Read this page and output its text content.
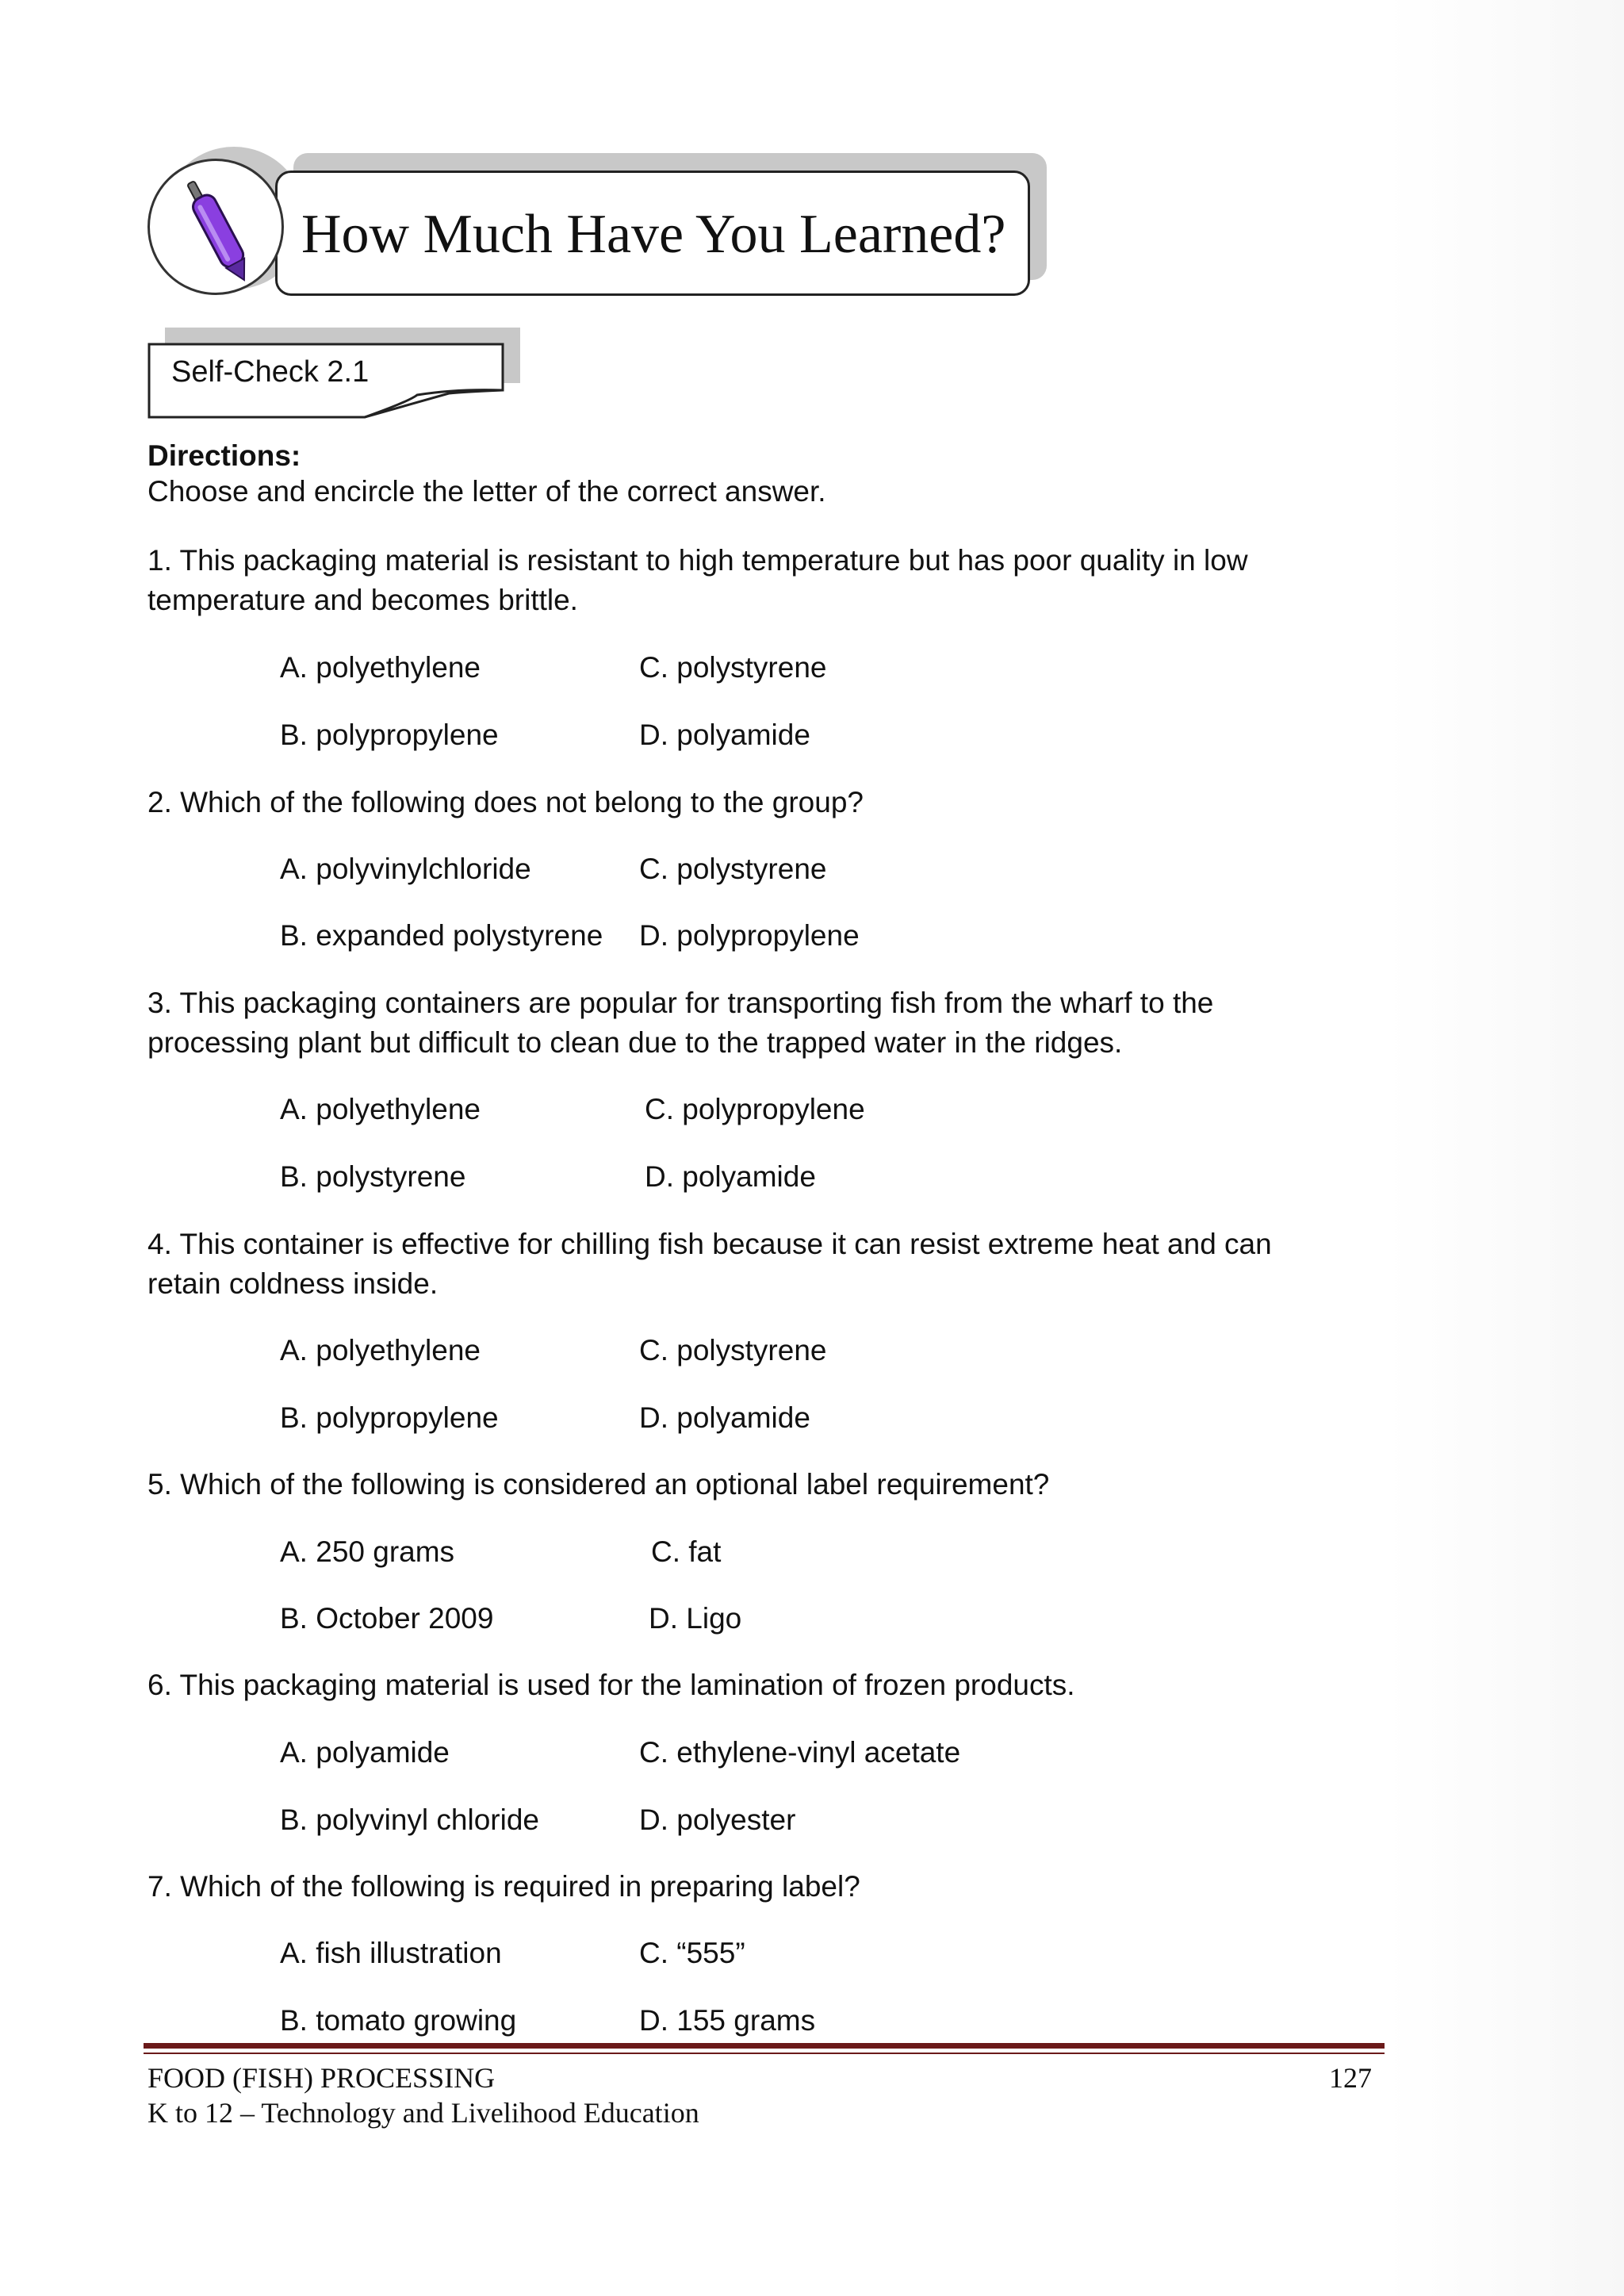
How Much Have You Learned?
Self-Check 2.1
Directions:
Choose and encircle the letter of the correct answer.
1. This packaging material is resistant to high temperature but has poor quality in low
temperature and becomes brittle.
A. polyethylene	C. polystyrene
B. polypropylene	D. polyamide
2. Which of the following does not belong to the group?
A. polyvinylchloride	C. polystyrene
B. expanded polystyrene D. polypropylene
3. This packaging containers are popular for transporting fish from the wharf to the
processing plant but difficult to clean due to the trapped water in the ridges.
A. polyethylene	C. polypropylene
B. polystyrene	D. polyamide
4. This container is effective for chilling fish because it can resist extreme heat and can
retain coldness inside.
A. polyethylene	C. polystyrene
B. polypropylene	D. polyamide
5. Which of the following is considered an optional label requirement?
A. 250 grams	C. fat
B. October 2009	D. Ligo
6. This packaging material is used for the lamination of frozen products.
A. polyamide	C. ethylene-vinyl acetate
B. polyvinyl chloride	D. polyester
7. Which of the following is required in preparing label?
A. fish illustration	C. “555”
B. tomato growing	D. 155 grams
FOOD (FISH) PROCESSING
K to 12 – Technology and Livelihood Education
127
